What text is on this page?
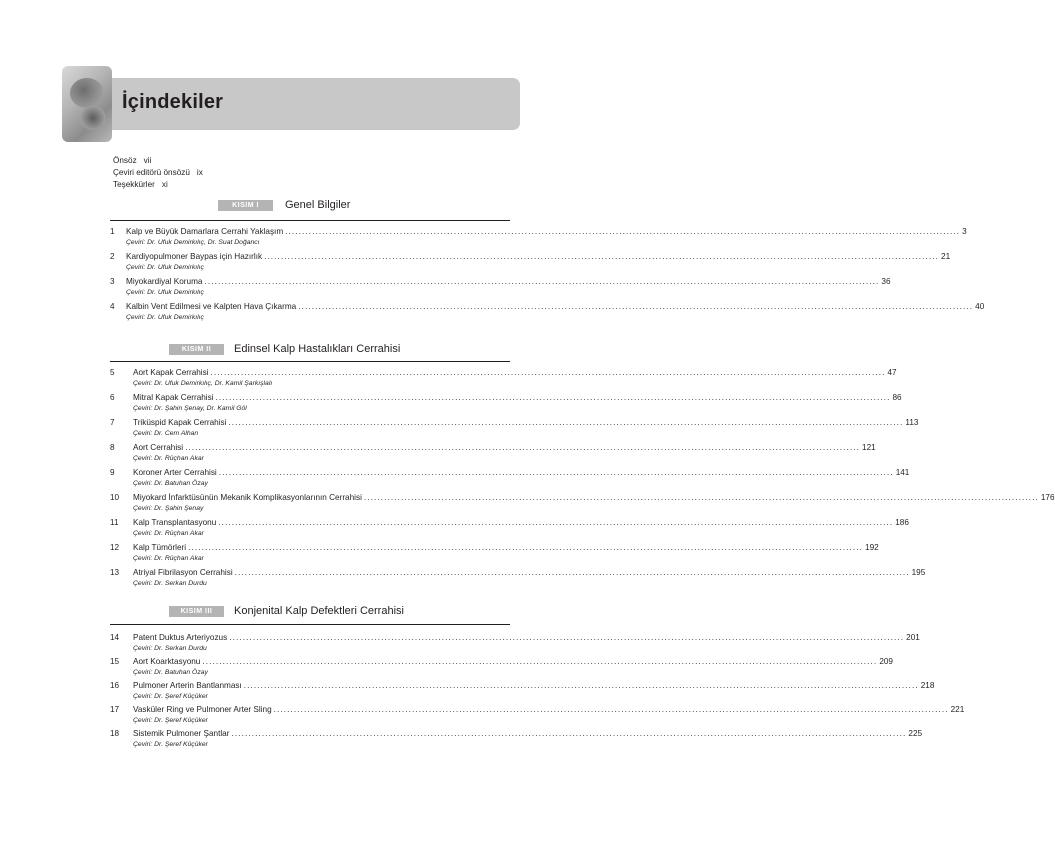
İçindekiler
Önsöz vii
Çeviri editörü önsözü ix
Teşekkürler xi
KISIM I	Genel Bilgiler
1	Kalp ve Büyük Damarlara Cerrahi Yaklaşım ........................................................................................................................................................................................................ 3
Çeviri: Dr. Ufuk Demirkılıç, Dr. Suat Doğancı
2	Kardiyopulmoner Baypas için Hazırlık ........................................................................................................................................................................................................ 21
Çeviri: Dr. Ufuk Demirkılıç
3	Miyokardiyal Koruma ........................................................................................................................................................................................................ 36
Çeviri: Dr. Ufuk Demirkılıç
4	Kalbin Vent Edilmesi ve Kalpten Hava Çıkarma ........................................................................................................................................................................................................ 40
Çeviri: Dr. Ufuk Demirkılıç
KISIM II	Edinsel Kalp Hastalıkları Cerrahisi
5	Aort Kapak Cerrahisi ........................................................................................................................................................................................................ 47
Çeviri: Dr. Ufuk Demirkılıç, Dr. Kamil Şarkışlalı
6	Mitral Kapak Cerrahisi ........................................................................................................................................................................................................ 86
Çeviri: Dr. Şahin Şenay, Dr. Kamil Göl
7	Triküspid Kapak Cerrahisi ........................................................................................................................................................................................................ 113
Çeviri: Dr. Cem Alhan
8	Aort Cerrahisi ........................................................................................................................................................................................................ 121
Çeviri: Dr. Rüçhan Akar
9	Koroner Arter Cerrahisi ........................................................................................................................................................................................................ 141
Çeviri: Dr. Batuhan Özay
10	Miyokard İnfarktüsünün Mekanik Komplikasyonlarının Cerrahisi ........................................................................................................................................................................................................ 176
Çeviri: Dr. Şahin Şenay
11	Kalp Transplantasyonu ........................................................................................................................................................................................................ 186
Çeviri: Dr. Rüçhan Akar
12	Kalp Tümörleri ........................................................................................................................................................................................................ 192
Çeviri: Dr. Rüçhan Akar
13	Atriyal Fibrilasyon Cerrahisi ........................................................................................................................................................................................................ 195
Çeviri: Dr. Serkan Durdu
KISIM III	Konjenital Kalp Defektleri Cerrahisi
14	Patent Duktus Arteriyozus ........................................................................................................................................................................................................ 201
Çeviri: Dr. Serkan Durdu
15	Aort Koarktasyonu ........................................................................................................................................................................................................ 209
Çeviri: Dr. Batuhan Özay
16	Pulmoner Arterin Bantlanması ........................................................................................................................................................................................................ 218
Çeviri: Dr. Şeref Küçüker
17	Vasküler Ring ve Pulmoner Arter Sling ........................................................................................................................................................................................................ 221
Çeviri: Dr. Şeref Küçüker
18	Sistemik Pulmoner Şantlar ........................................................................................................................................................................................................ 225
Çeviri: Dr. Şeref Küçüker
